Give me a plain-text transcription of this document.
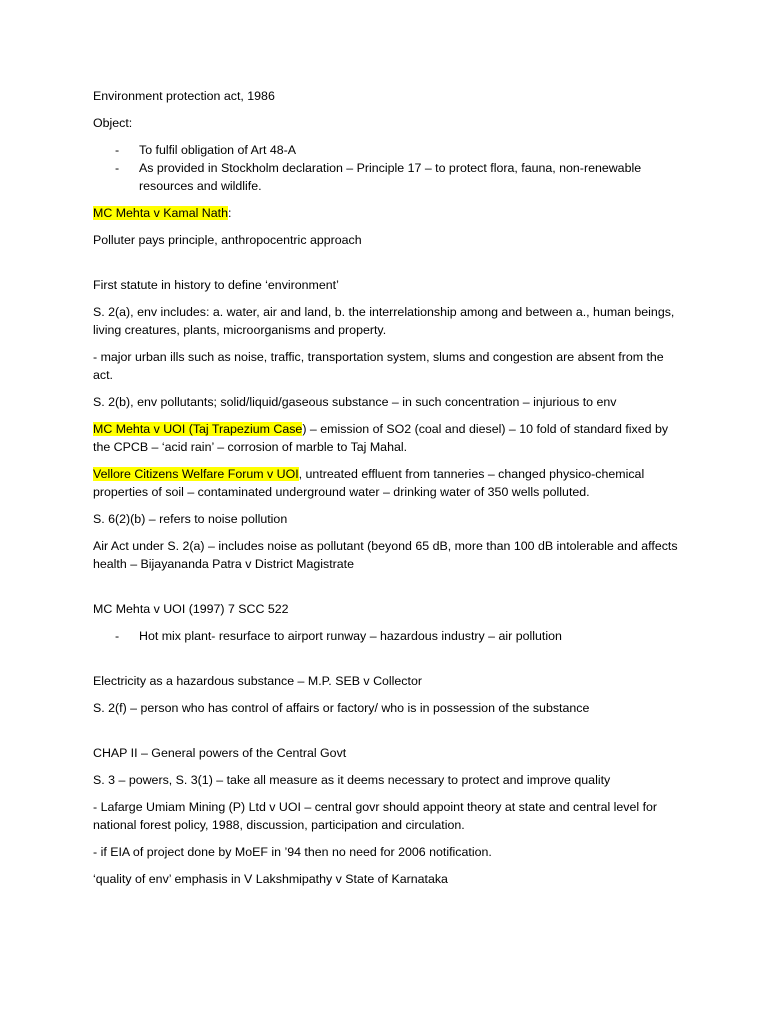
Environment protection act, 1986

Object:

- To fulfil obligation of Art 48-A
- As provided in Stockholm declaration – Principle 17 – to protect flora, fauna, non-renewable resources and wildlife.

MC Mehta v Kamal Nath:

Polluter pays principle, anthropocentric approach

First statute in history to define ‘environment’

S. 2(a), env includes: a. water, air and land, b. the interrelationship among and between a., human beings, living creatures, plants, microorganisms and property.

- major urban ills such as noise, traffic, transportation system, slums and congestion are absent from the act.

S. 2(b), env pollutants; solid/liquid/gaseous substance – in such concentration – injurious to env

MC Mehta v UOI (Taj Trapezium Case) – emission of SO2 (coal and diesel) – 10 fold of standard fixed by the CPCB – ‘acid rain’ – corrosion of marble to Taj Mahal.

Vellore Citizens Welfare Forum v UOI, untreated effluent from tanneries – changed physico-chemical properties of soil – contaminated underground water – drinking water of 350 wells polluted.

S. 6(2)(b) – refers to noise pollution

Air Act under S. 2(a) – includes noise as pollutant (beyond 65 dB, more than 100 dB intolerable and affects health – Bijayananda Patra v District Magistrate

MC Mehta v UOI (1997) 7 SCC 522

- Hot mix plant- resurface to airport runway – hazardous industry – air pollution

Electricity as a hazardous substance – M.P. SEB v Collector

S. 2(f) – person who has control of affairs or factory/ who is in possession of the substance

CHAP II – General powers of the Central Govt

S. 3 – powers, S. 3(1) – take all measure as it deems necessary to protect and improve quality

- Lafarge Umiam Mining (P) Ltd v UOI – central govr should appoint theory at state and central level for national forest policy, 1988, discussion, participation and circulation.

- if EIA of project done by MoEF in ’94 then no need for 2006 notification.

‘quality of env’ emphasis in V Lakshmipathy v State of Karnataka
